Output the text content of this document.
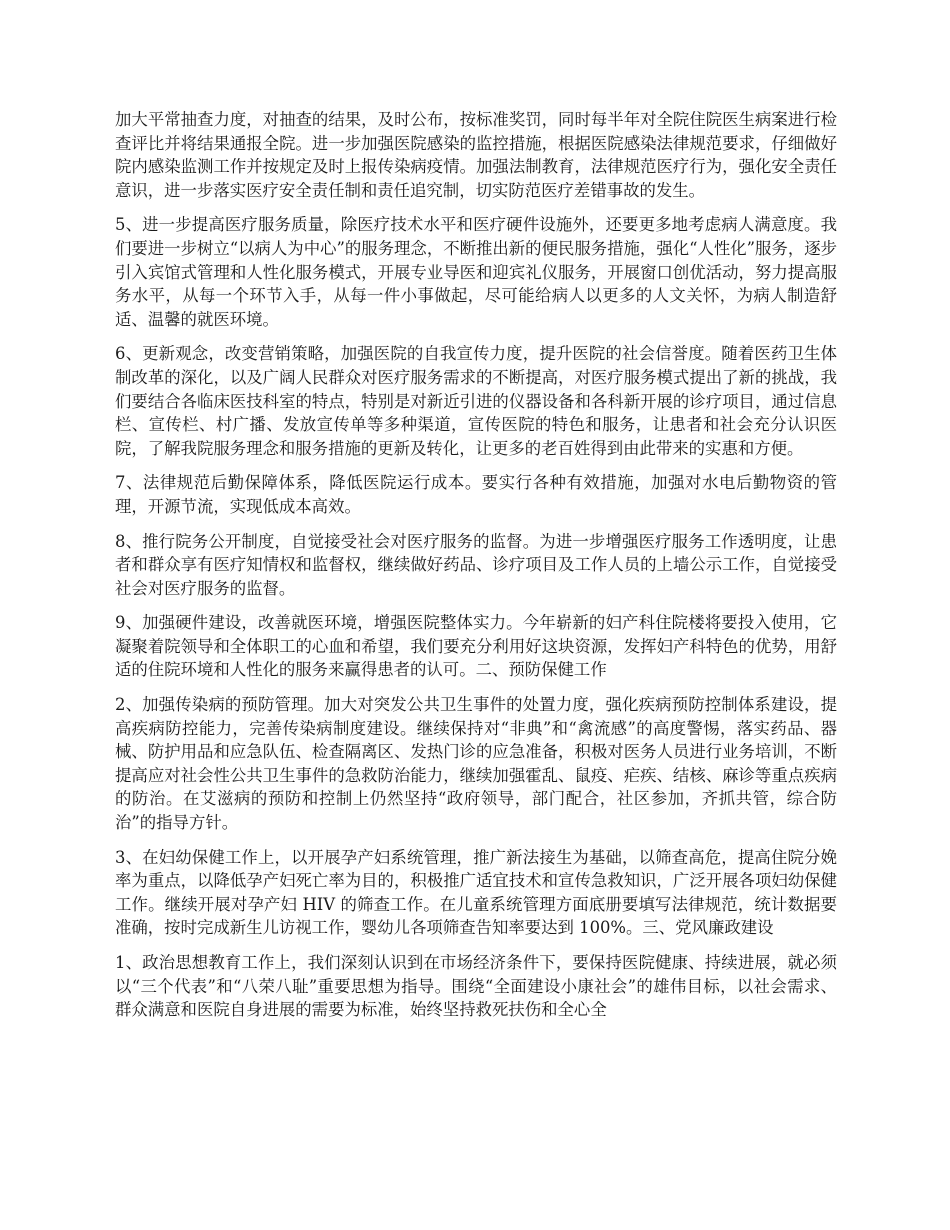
加大平常抽查力度，对抽查的结果，及时公布，按标准奖罚，同时每半年对全院住院医生病案进行检查评比并将结果通报全院。进一步加强医院感染的监控措施，根据医院感染法律规范要求，仔细做好院内感染监测工作并按规定及时上报传染病疫情。加强法制教育，法律规范医疗行为，强化安全责任意识，进一步落实医疗安全责任制和责任追究制，切实防范医疗差错事故的发生。

5、进一步提高医疗服务质量，除医疗技术水平和医疗硬件设施外，还要更多地考虑病人满意度。我们要进一步树立“以病人为中心”的服务理念，不断推出新的便民服务措施，强化“人性化”服务，逐步引入宾馆式管理和人性化服务模式，开展专业导医和迎宾礼仪服务，开展窗口创优活动，努力提高服务水平，从每一个环节入手，从每一件小事做起，尽可能给病人以更多的人文关怀，为病人制造舒适、温馨的就医环境。

6、更新观念，改变营销策略，加强医院的自我宣传力度，提升医院的社会信誉度。随着医药卫生体制改革的深化，以及广阔人民群众对医疗服务需求的不断提高，对医疗服务模式提出了新的挑战，我们要结合各临床医技科室的特点，特别是对新近引进的仪器设备和各科新开展的诊疗项目，通过信息栏、宣传栏、村广播、发放宣传单等多种渠道，宣传医院的特色和服务，让患者和社会充分认识医院，了解我院服务理念和服务措施的更新及转化，让更多的老百姓得到由此带来的实惠和方便。

7、法律规范后勤保障体系，降低医院运行成本。要实行各种有效措施，加强对水电后勤物资的管理，开源节流，实现低成本高效。

8、推行院务公开制度，自觉接受社会对医疗服务的监督。为进一步增强医疗服务工作透明度，让患者和群众享有医疗知情权和监督权，继续做好药品、诊疗项目及工作人员的上墙公示工作，自觉接受社会对医疗服务的监督。

9、加强硬件建设，改善就医环境，增强医院整体实力。今年崭新的妇产科住院楼将要投入使用，它凝聚着院领导和全体职工的心血和希望，我们要充分利用好这块资源，发挥妇产科特色的优势，用舒适的住院环境和人性化的服务来赢得患者的认可。二、预防保健工作

2、加强传染病的预防管理。加大对突发公共卫生事件的处置力度，强化疾病预防控制体系建设，提高疾病防控能力，完善传染病制度建设。继续保持对“非典”和“禽流感”的高度警惕，落实药品、器械、防护用品和应急队伍、检查隔离区、发热门诊的应急准备，积极对医务人员进行业务培训，不断提高应对社会性公共卫生事件的急救防治能力，继续加强霍乱、鼠疫、疟疾、结核、麻诊等重点疾病的防治。在艾滋病的预防和控制上仍然坚持“政府领导，部门配合，社区参加，齐抓共管，综合防治”的指导方针。

3、在妇幼保健工作上，以开展孕产妇系统管理，推广新法接生为基础，以筛查高危，提高住院分娩率为重点，以降低孕产妇死亡率为目的，积极推广适宜技术和宣传急救知识，广泛开展各项妇幼保健工作。继续开展对孕产妇 HIV 的筛查工作。在儿童系统管理方面底册要填写法律规范，统计数据要准确，按时完成新生儿访视工作，婴幼儿各项筛查告知率要达到 100%。三、党风廉政建设

1、政治思想教育工作上，我们深刻认识到在市场经济条件下，要保持医院健康、持续进展，就必须以“三个代表”和“八荣八耻”重要思想为指导。围绕“全面建设小康社会”的雄伟目标，以社会需求、群众满意和医院自身进展的需要为标准，始终坚持救死扶伤和全心全
